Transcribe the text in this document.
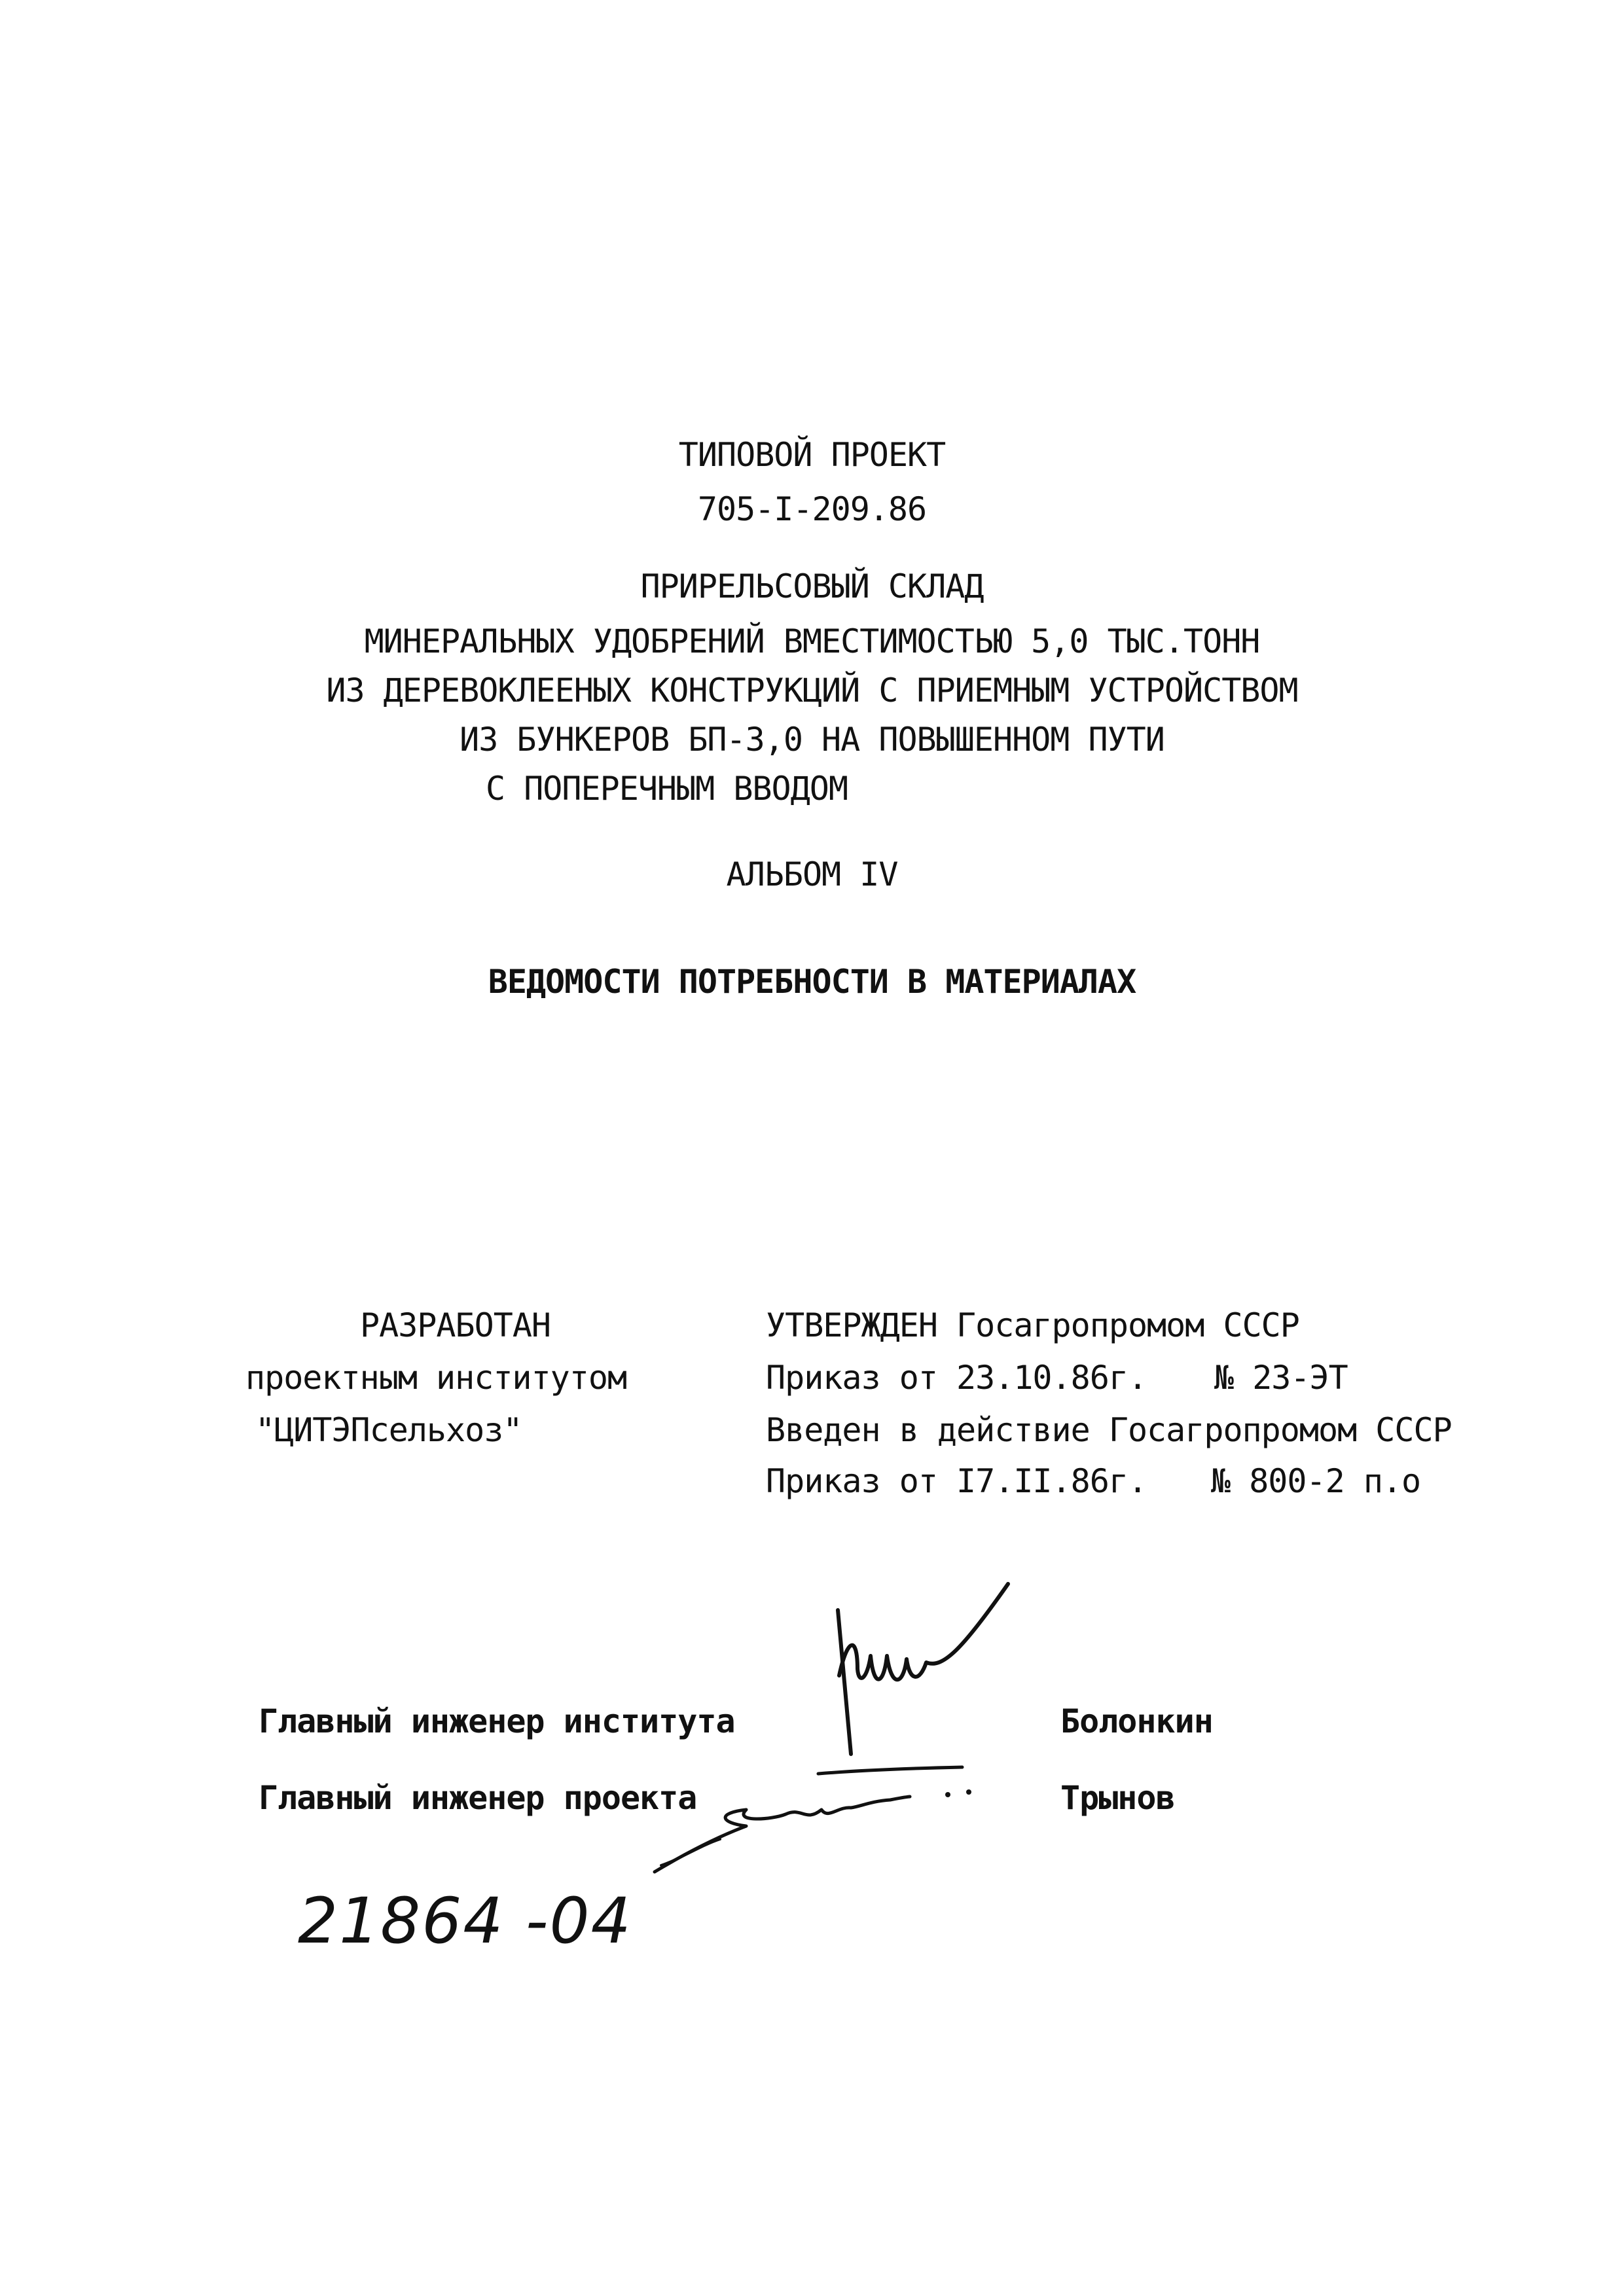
ТИПОВОЙ ПРОЕКТ
705-I-209.86
ПРИРЕЛЬСОВЫЙ СКЛАД
МИНЕРАЛЬНЫХ УДОБРЕНИЙ ВМЕСТИМОСТЬЮ 5,0 ТЫС.ТОНН
ИЗ ДЕРЕВОКЛЕЕНЫХ КОНСТРУКЦИЙ С ПРИЕМНЫМ УСТРОЙСТВОМ
ИЗ БУНКЕРОВ БП-3,0 НА ПОВЫШЕННОМ ПУТИ
С ПОПЕРЕЧНЫМ ВВОДОМ
АЛЬБОМ IV
ВЕДОМОСТИ ПОТРЕБНОСТИ В МАТЕРИАЛАХ
РАЗРАБОТАН
проектным институтом
"ЦИТЭПсельхоз"
УТВЕРЖДЕН Госагропромом СССР
Приказ от 23.10.86г. № 23-ЭТ
Введен в действие Госагропромом СССР
Приказ от I7.II.86г. № 800-2 п.о
Главный инженер института	Болонкин
Главный инженер проекта	Трынов
21864 -04
